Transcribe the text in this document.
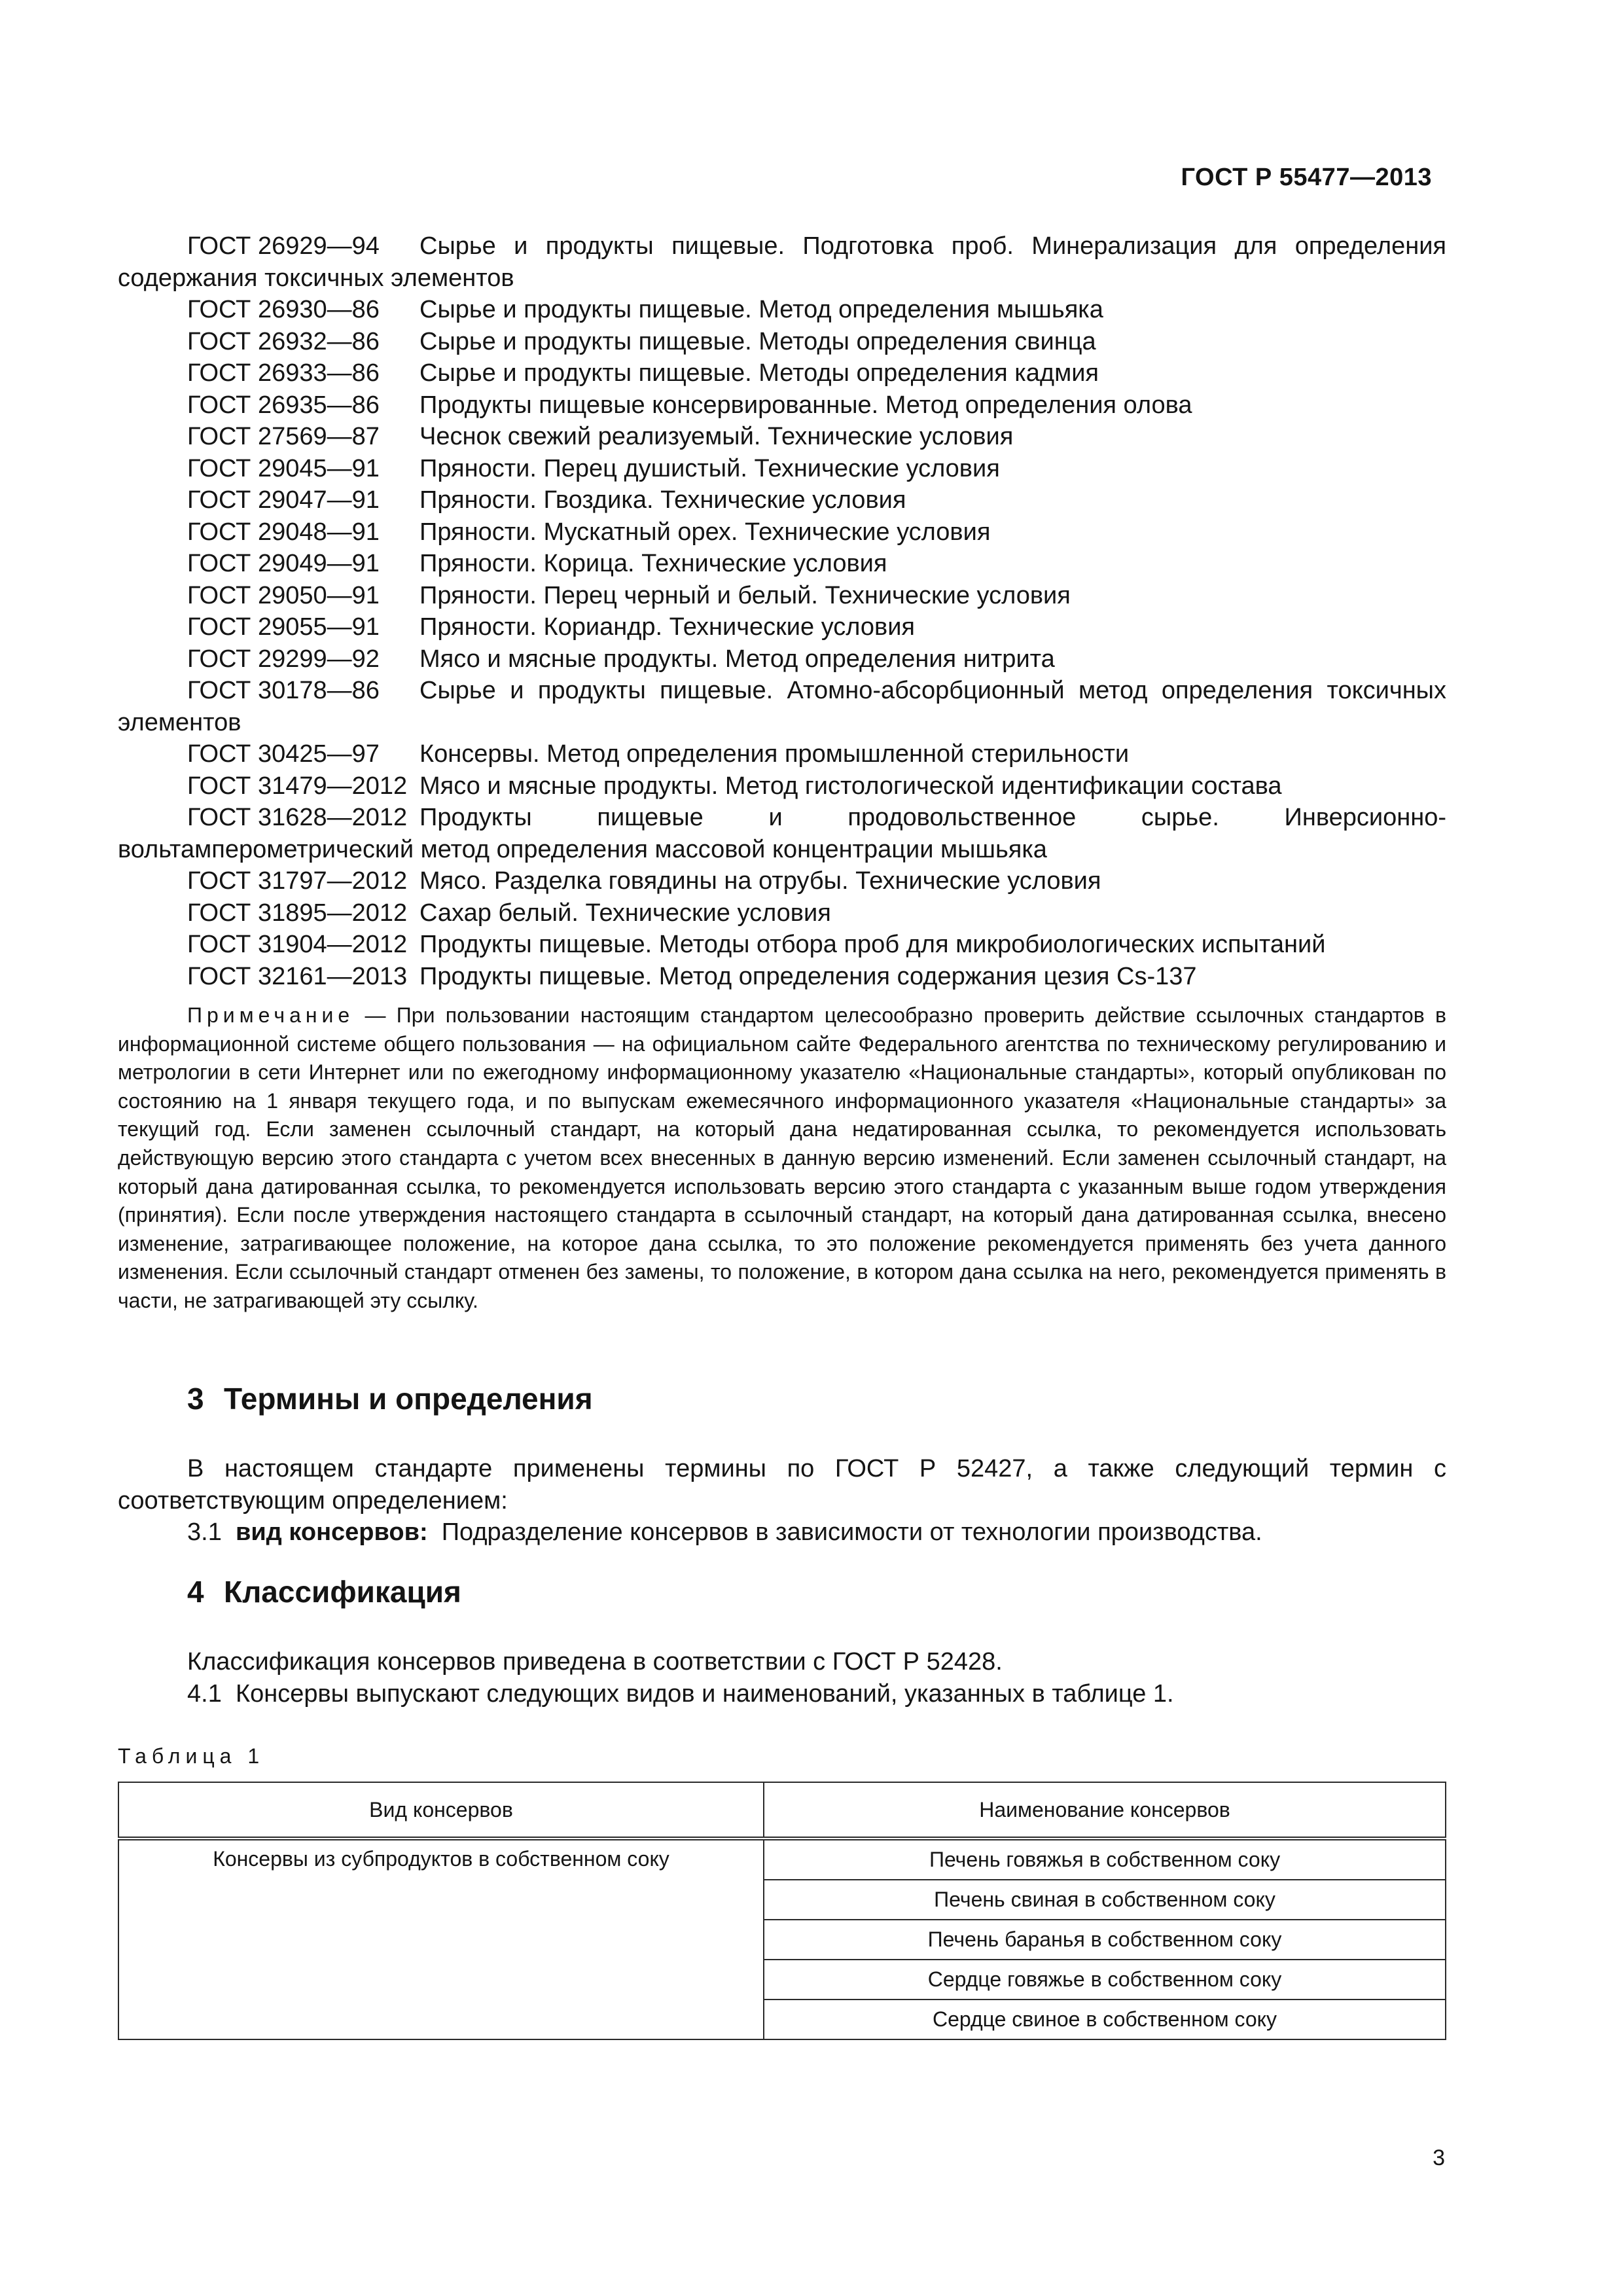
ГОСТ Р 55477—2013

ГОСТ 26929—94 Сырье и продукты пищевые. Подготовка проб. Минерализация для определения содержания токсичных элементов

ГОСТ 26930—86 Сырье и продукты пищевые. Метод определения мышьяка

ГОСТ 26932—86 Сырье и продукты пищевые. Методы определения свинца

ГОСТ 26933—86 Сырье и продукты пищевые. Методы определения кадмия

ГОСТ 26935—86 Продукты пищевые консервированные. Метод определения олова

ГОСТ 27569—87 Чеснок свежий реализуемый. Технические условия

ГОСТ 29045—91 Пряности. Перец душистый. Технические условия

ГОСТ 29047—91 Пряности. Гвоздика. Технические условия

ГОСТ 29048—91 Пряности. Мускатный орех. Технические условия

ГОСТ 29049—91 Пряности. Корица. Технические условия

ГОСТ 29050—91 Пряности. Перец черный и белый. Технические условия

ГОСТ 29055—91 Пряности. Кориандр. Технические условия

ГОСТ 29299—92 Мясо и мясные продукты. Метод определения нитрита

ГОСТ 30178—86 Сырье и продукты пищевые. Атомно-абсорбционный метод определения токсичных элементов

ГОСТ 30425—97 Консервы. Метод определения промышленной стерильности

ГОСТ 31479—2012 Мясо и мясные продукты. Метод гистологической идентификации состава

ГОСТ 31628—2012 Продукты пищевые и продовольственное сырье. Инверсионно-вольтамперометрический метод определения массовой концентрации мышьяка

ГОСТ 31797—2012 Мясо. Разделка говядины на отрубы. Технические условия

ГОСТ 31895—2012 Сахар белый. Технические условия

ГОСТ 31904—2012 Продукты пищевые. Методы отбора проб для микробиологических испытаний

ГОСТ 32161—2013 Продукты пищевые. Метод определения содержания цезия Cs-137

Примечание — При пользовании настоящим стандартом целесообразно проверить действие ссылочных стандартов в информационной системе общего пользования — на официальном сайте Федерального агентства по техническому регулированию и метрологии в сети Интернет или по ежегодному информационному указателю «Национальные стандарты», который опубликован по состоянию на 1 января текущего года, и по выпускам ежемесячного информационного указателя «Национальные стандарты» за текущий год. Если заменен ссылочный стандарт, на который дана недатированная ссылка, то рекомендуется использовать действующую версию этого стандарта с учетом всех внесенных в данную версию изменений. Если заменен ссылочный стандарт, на который дана датированная ссылка, то рекомендуется использовать версию этого стандарта с указанным выше годом утверждения (принятия). Если после утверждения настоящего стандарта в ссылочный стандарт, на который дана датированная ссылка, внесено изменение, затрагивающее положение, на которое дана ссылка, то это положение рекомендуется применять без учета данного изменения. Если ссылочный стандарт отменен без замены, то положение, в котором дана ссылка на него, рекомендуется применять в части, не затрагивающей эту ссылку.

3 Термины и определения

В настоящем стандарте применены термины по ГОСТ Р 52427, а также следующий термин с соответствующим определением:

3.1 вид консервов: Подразделение консервов в зависимости от технологии производства.

4 Классификация

Классификация консервов приведена в соответствии с ГОСТ Р 52428.

4.1 Консервы выпускают следующих видов и наименований, указанных в таблице 1.

Таблица 1
Вид консервов	Наименование консервов
Консервы из субпродуктов в собственном соку	Печень говяжья в собственном соку
	Печень свиная в собственном соку
	Печень баранья в собственном соку
	Сердце говяжье в собственном соку
	Сердце свиное в собственном соку
3
